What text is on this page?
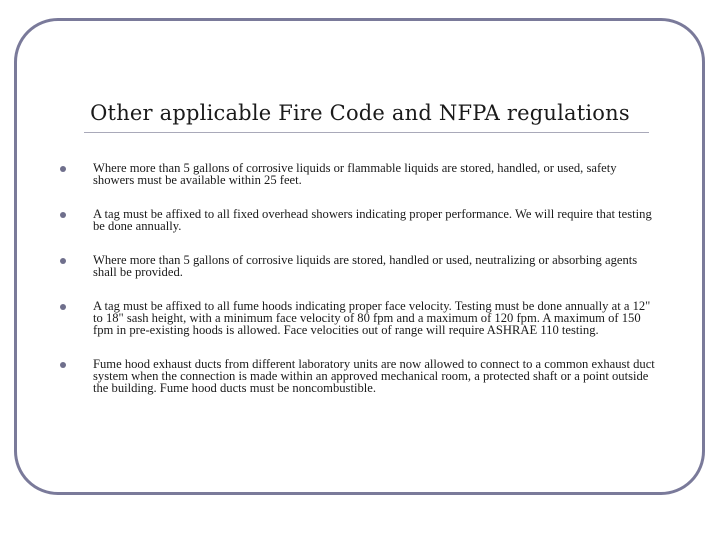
Other applicable Fire Code and NFPA regulations
Where more than 5 gallons of corrosive liquids or flammable liquids are stored, handled, or used, safety showers must be available within 25 feet.
A tag must be affixed to all fixed overhead showers indicating proper performance. We will require that testing be done annually.
Where more than 5 gallons of corrosive liquids are stored, handled or used, neutralizing or absorbing agents shall be provided.
A tag must be affixed to all fume hoods indicating proper face velocity. Testing must be done annually at a 12" to 18" sash height, with a minimum face velocity of 80 fpm and a maximum of 120 fpm. A maximum of 150 fpm in pre-existing hoods is allowed. Face velocities out of range will require ASHRAE 110 testing.
Fume hood exhaust ducts from different laboratory units are now allowed to connect to a common exhaust duct system when the connection is made within an approved mechanical room, a protected shaft or a point outside the building. Fume hood ducts must be noncombustible.
